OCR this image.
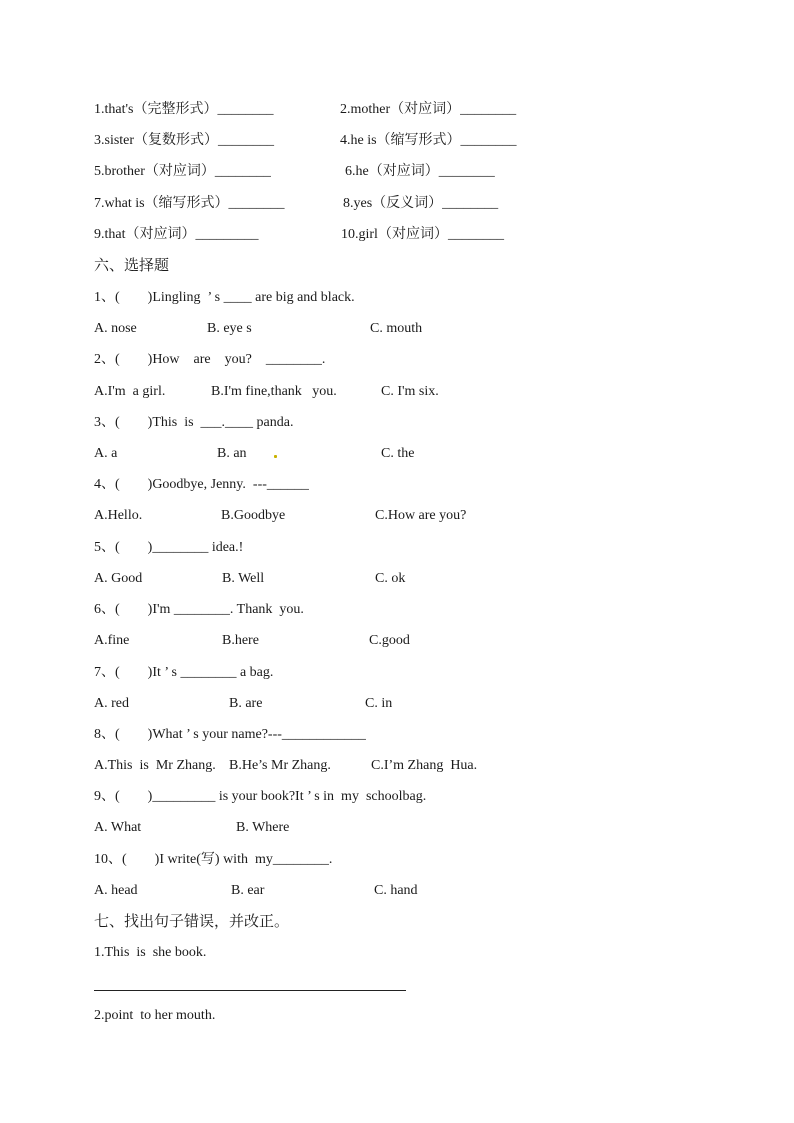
1.that's（完整形式）________	2.mother（对应词）________
3.sister（复数形式）________	4.he is（缩写形式）________
5.brother（对应词）________	6.he（对应词）________
7.what is（缩写形式）________	8.yes（反义词）________
9.that（对应词）_________	10.girl（对应词）________
六、选择题
1、(        )Lingling  ’ s ____ are big and black.
A. nose	B. eye s	C. mouth
2、(        )How    are    you?    ________.
A.I'm  a girl.	B.I'm fine,thank   you.	C. I'm six.
3、(        )This  is  ___.____ panda.
A. a	B. an	C. the
4、(        )Goodbye, Jenny.  ---______
A.Hello.	B.Goodbye	C.How are you?
5、(        )________ idea.!
A. Good	B. Well	C. ok
6、(        )I'm ________. Thank  you.
A.fine	B.here	C.good
7、(        )It ’ s ________ a bag.
A. red	B. are	C. in
8、(        )What ’ s your name?---____________
A.This  is  Mr Zhang. B.He’s Mr Zhang.	C.I’m Zhang  Hua.
9、(        )_________ is your book?It ’ s in  my  schoolbag.
A. What	B. Where
10、(        )I write(写) with  my________.
A. head	B. ear	C. hand
七、找出句子错误，并改正。
1.This  is  she book.
2.point  to her mouth.
